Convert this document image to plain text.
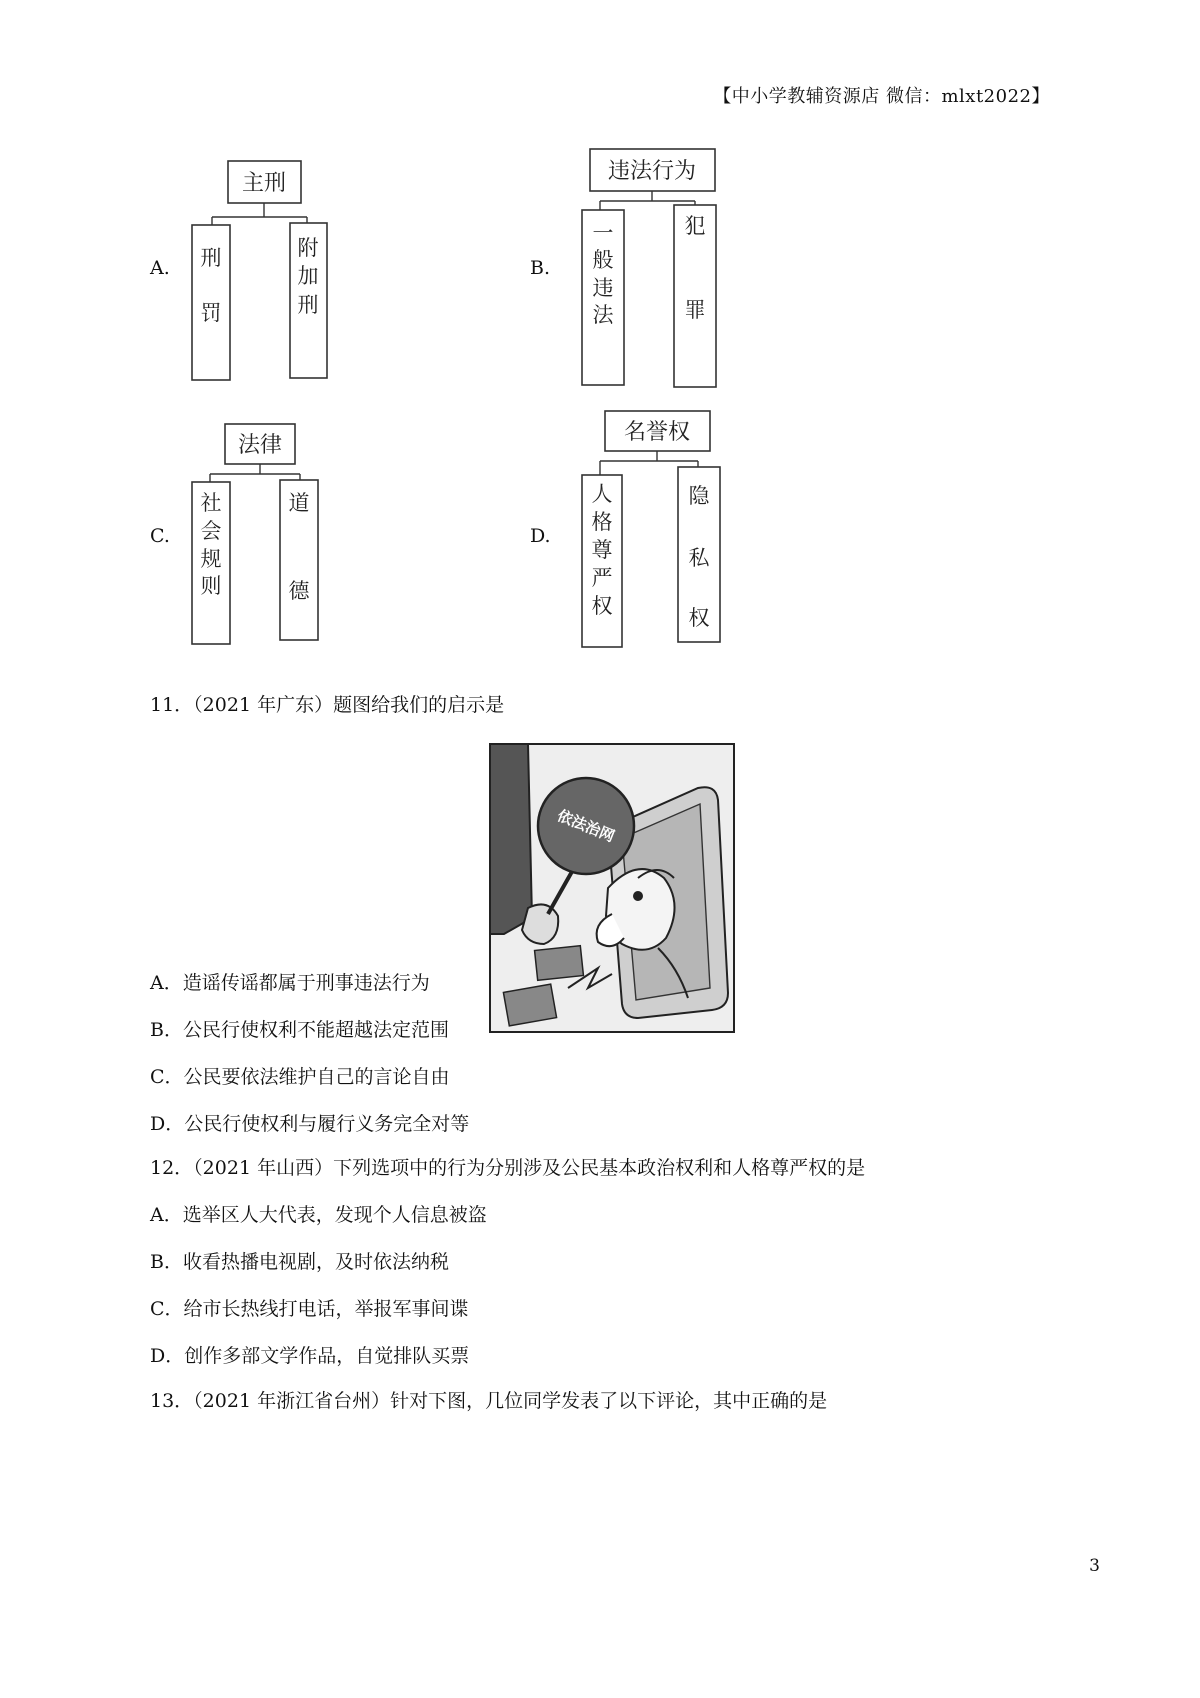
【中小学教辅资源店 微信：mlxt2022】
A.	B.
C.	D.
主刑
刑
罚
附
加
刑
违法行为
一
般
违
法
犯
罪
法律
社
会
规
则
道
德
名誉权
人
格
尊
严
权
隐
私
权
11．（2021 年广东）题图给我们的启示是
依法治网
A．造谣传谣都属于刑事违法行为
B．公民行使权利不能超越法定范围
C．公民要依法维护自己的言论自由
D．公民行使权利与履行义务完全对等
12．（2021 年山西）下列选项中的行为分别涉及公民基本政治权利和人格尊严权的是
A．选举区人大代表，发现个人信息被盗
B．收看热播电视剧，及时依法纳税
C．给市长热线打电话，举报军事间谍
D．创作多部文学作品，自觉排队买票
13．（2021 年浙江省台州）针对下图，几位同学发表了以下评论，其中正确的是
3
